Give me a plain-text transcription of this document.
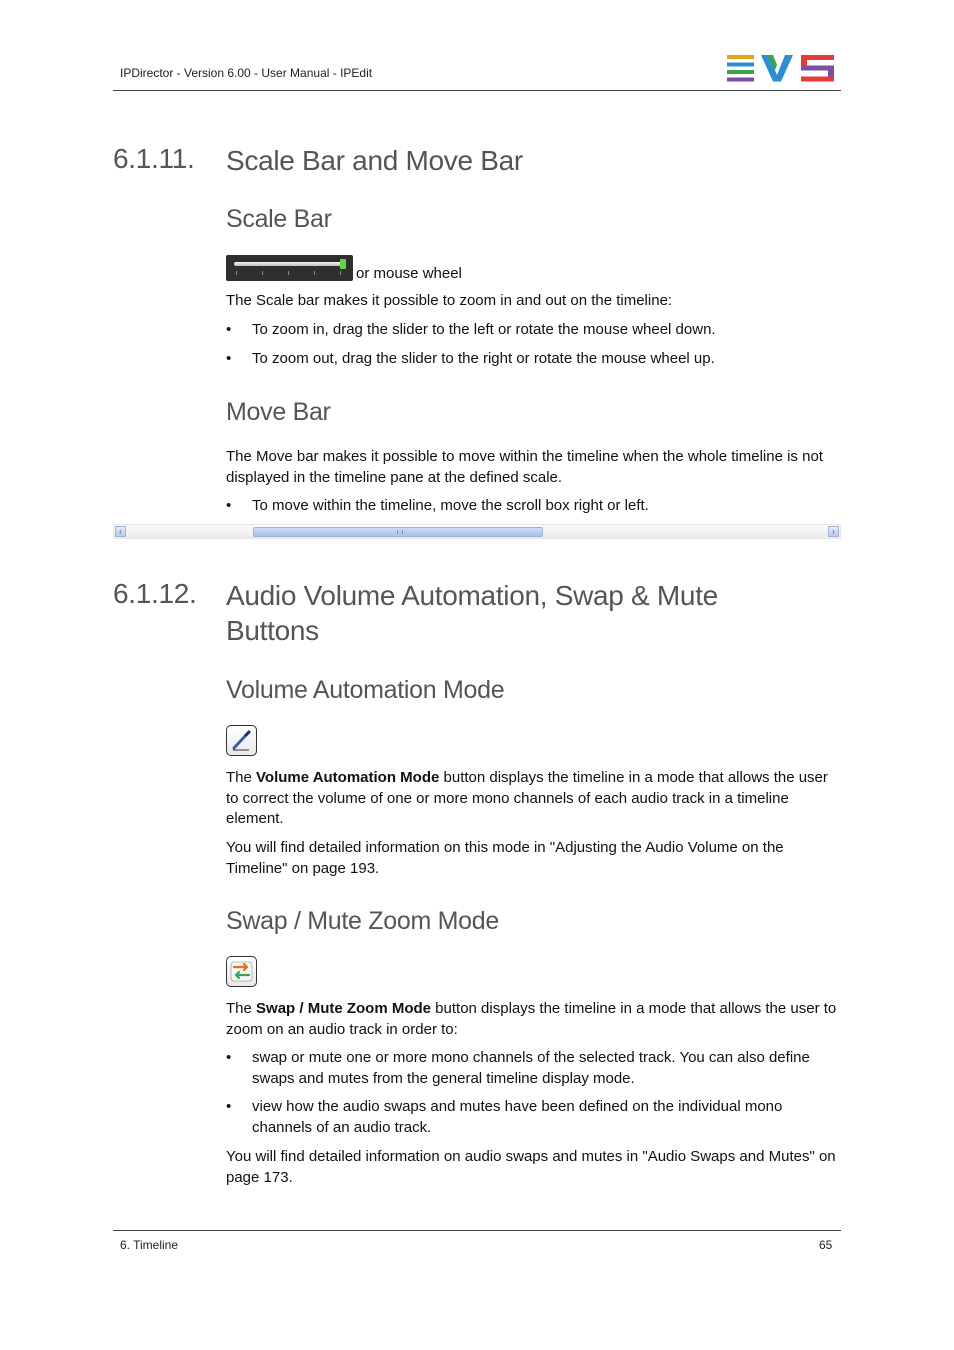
IPDirector - Version 6.00 - User Manual - IPEdit
6.1.11. Scale Bar and Move Bar
Scale Bar
or mouse wheel
The Scale bar makes it possible to zoom in and out on the timeline:
• To zoom in, drag the slider to the left or rotate the mouse wheel down.
• To zoom out, drag the slider to the right or rotate the mouse wheel up.
Move Bar
The Move bar makes it possible to move within the timeline when the whole timeline is not displayed in the timeline pane at the defined scale.
• To move within the timeline, move the scroll box right or left.
‹	›
6.1.12. Audio Volume Automation, Swap & Mute Buttons
Volume Automation Mode
The Volume Automation Mode button displays the timeline in a mode that allows the user to correct the volume of one or more mono channels of each audio track in a timeline element.
You will find detailed information on this mode in "Adjusting the Audio Volume on the Timeline" on page 193.
Swap / Mute Zoom Mode
The Swap / Mute Zoom Mode button displays the timeline in a mode that allows the user to zoom on an audio track in order to:
• swap or mute one or more mono channels of the selected track. You can also define swaps and mutes from the general timeline display mode.
• view how the audio swaps and mutes have been defined on the individual mono channels of an audio track.
You will find detailed information on audio swaps and mutes in "Audio Swaps and Mutes" on page 173.
6. Timeline	65
